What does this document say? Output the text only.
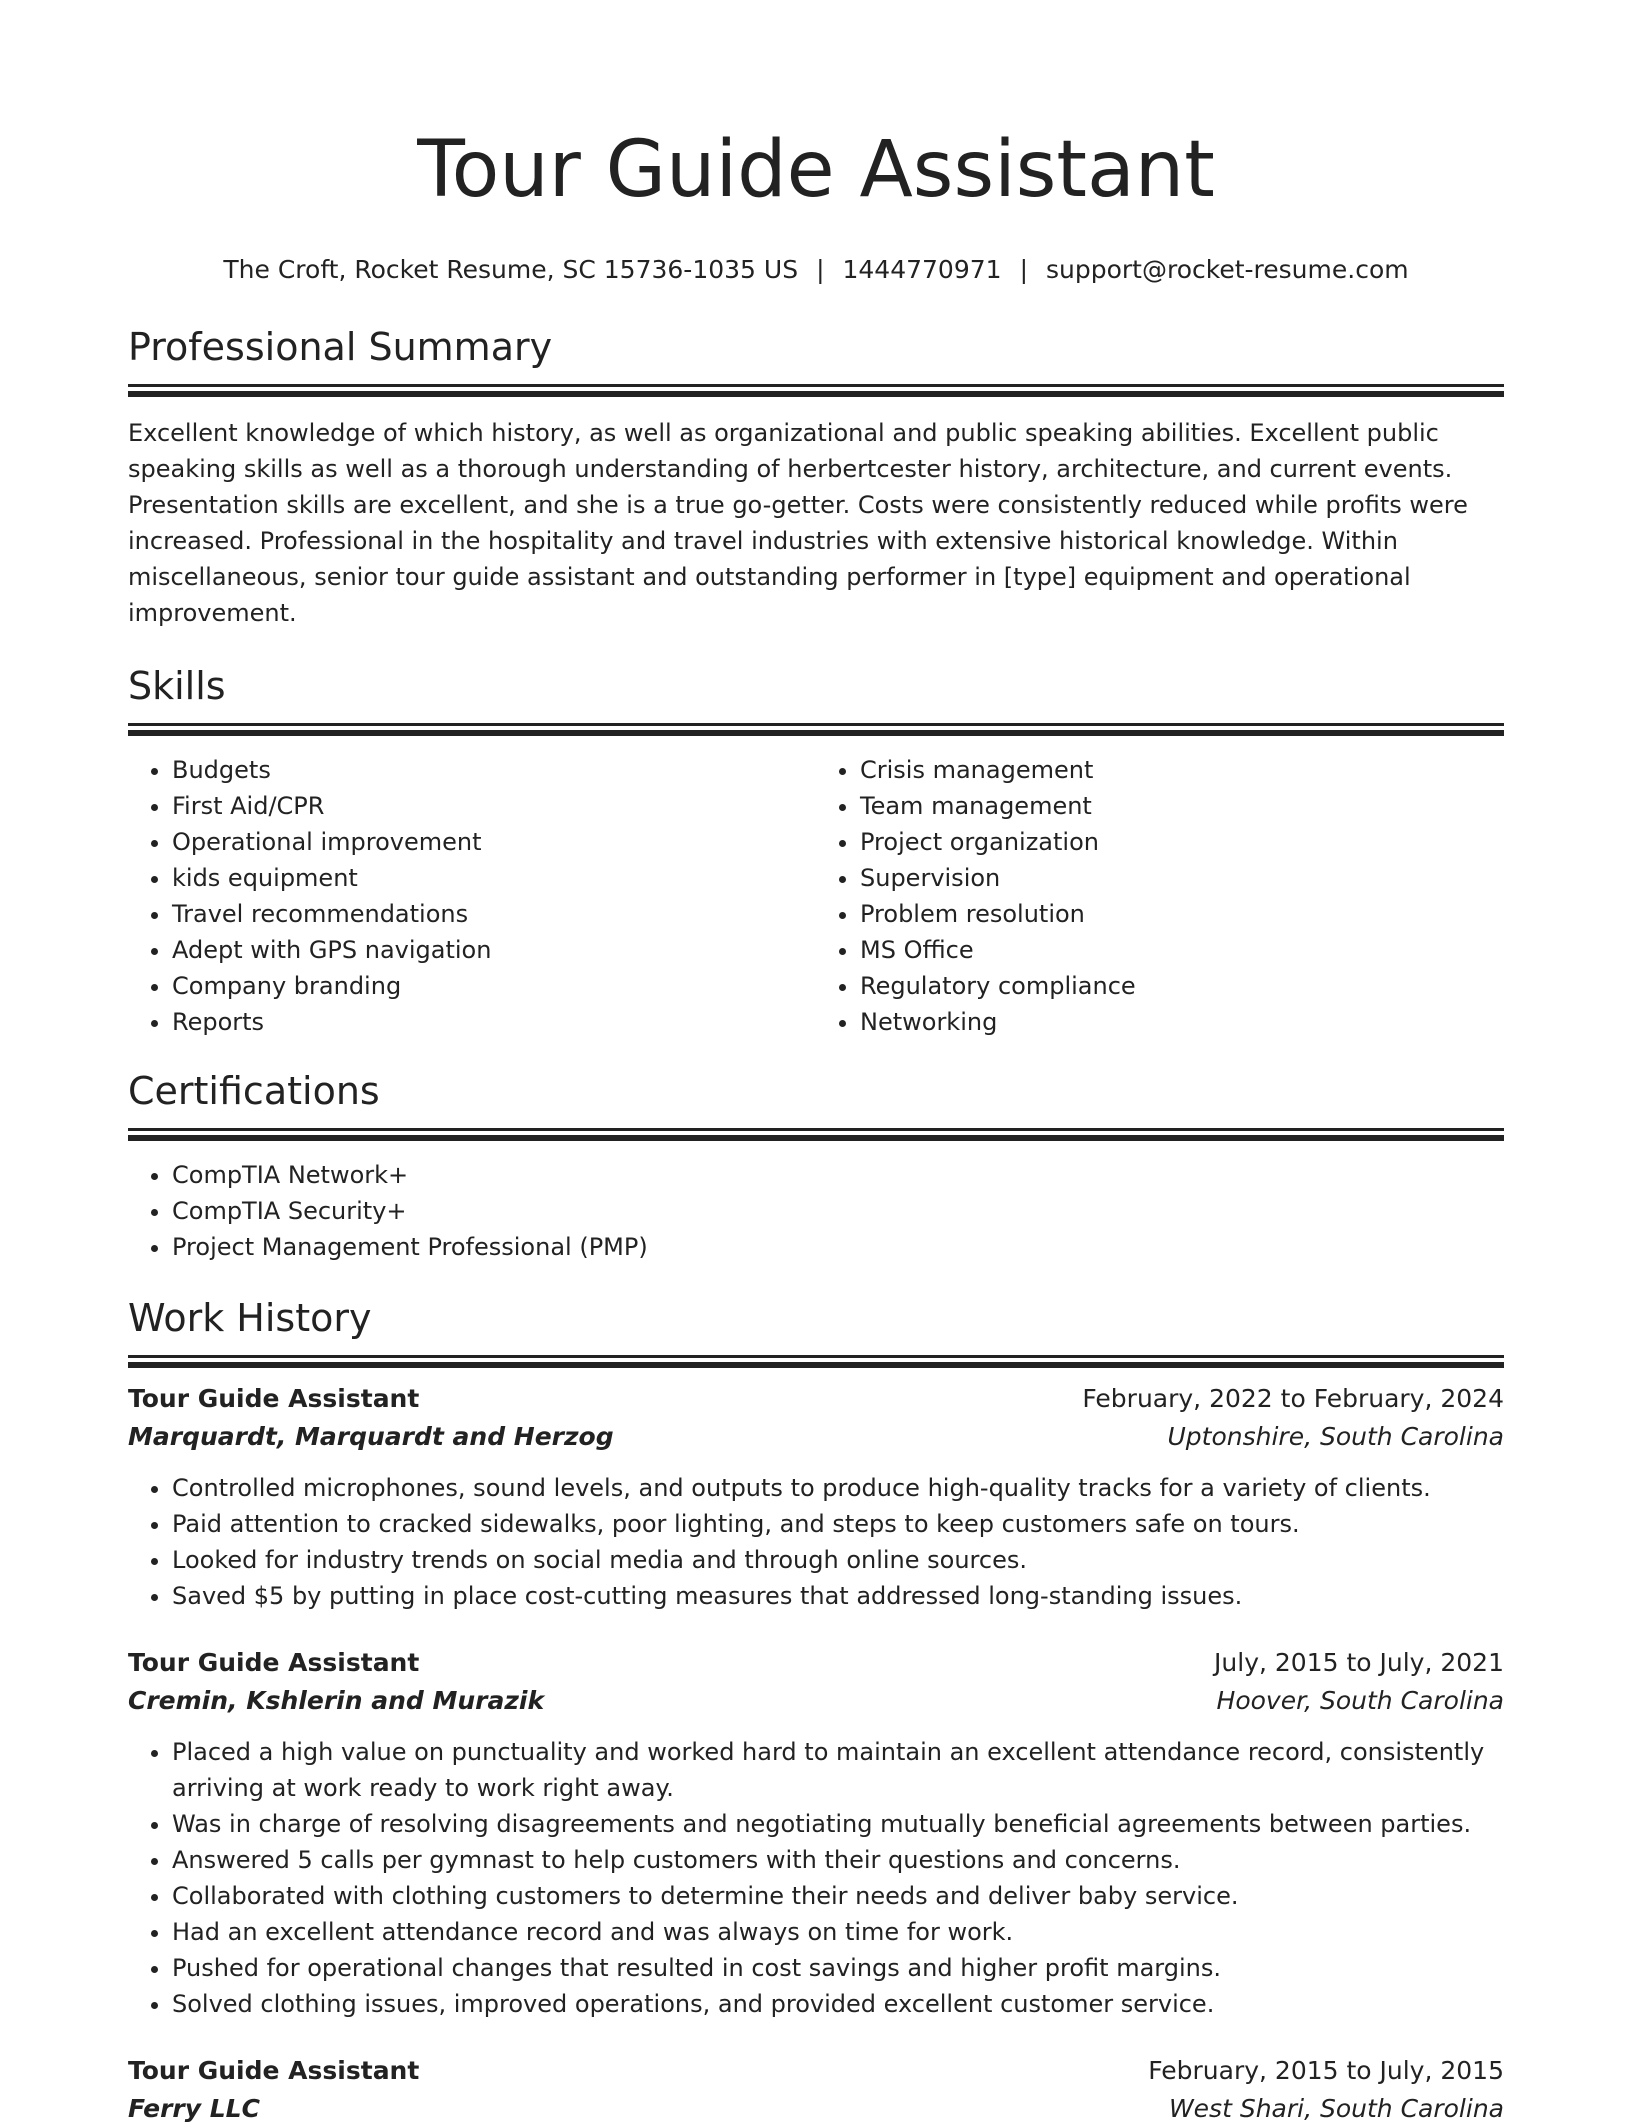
Tour Guide Assistant
The Croft, Rocket Resume, SC 15736-1035 US | 1444770971 | support@rocket-resume.com
Professional Summary

Excellent knowledge of which history, as well as organizational and public speaking abilities. Excellent public speaking skills as well as a thorough understanding of herbertcester history, architecture, and current events. Presentation skills are excellent, and she is a true go-getter. Costs were consistently reduced while profits were increased. Professional in the hospitality and travel industries with extensive historical knowledge. Within miscellaneous, senior tour guide assistant and outstanding performer in [type] equipment and operational improvement.

Skills
• Budgets
• First Aid/CPR
• Operational improvement
• kids equipment
• Travel recommendations
• Adept with GPS navigation
• Company branding
• Reports
• Crisis management
• Team management
• Project organization
• Supervision
• Problem resolution
• MS Office
• Regulatory compliance
• Networking
Certifications
• CompTIA Network+
• CompTIA Security+
• Project Management Professional (PMP)
Work History
Tour Guide Assistant	February, 2022 to February, 2024
Marquardt, Marquardt and Herzog	Uptonshire, South Carolina
• Controlled microphones, sound levels, and outputs to produce high-quality tracks for a variety of clients.
• Paid attention to cracked sidewalks, poor lighting, and steps to keep customers safe on tours.
• Looked for industry trends on social media and through online sources.
• Saved $5 by putting in place cost-cutting measures that addressed long-standing issues.
Tour Guide Assistant	July, 2015 to July, 2021
Cremin, Kshlerin and Murazik	Hoover, South Carolina
• Placed a high value on punctuality and worked hard to maintain an excellent attendance record, consistently arriving at work ready to work right away.
• Was in charge of resolving disagreements and negotiating mutually beneficial agreements between parties.
• Answered 5 calls per gymnast to help customers with their questions and concerns.
• Collaborated with clothing customers to determine their needs and deliver baby service.
• Had an excellent attendance record and was always on time for work.
• Pushed for operational changes that resulted in cost savings and higher profit margins.
• Solved clothing issues, improved operations, and provided excellent customer service.
Tour Guide Assistant	February, 2015 to July, 2015
Ferry LLC	West Shari, South Carolina
